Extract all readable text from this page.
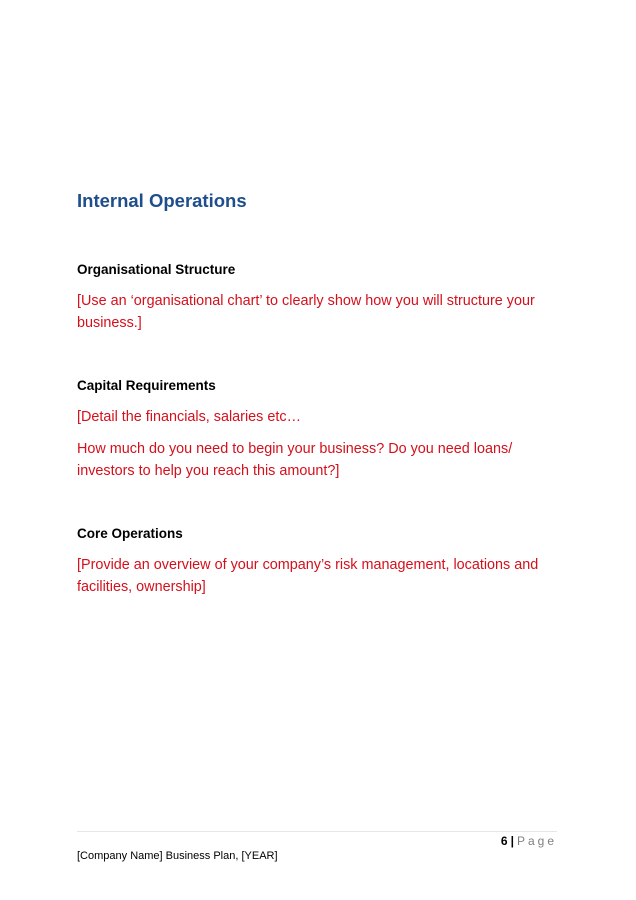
Internal Operations
Organisational Structure

[Use an ‘organisational chart’ to clearly show how you will structure your business.]

Capital Requirements

[Detail the financials, salaries etc…

How much do you need to begin your business? Do you need loans/ investors to help you reach this amount?]

Core Operations

[Provide an overview of your company’s risk management, locations and facilities, ownership]

6 | Page
[Company Name] Business Plan, [YEAR]
